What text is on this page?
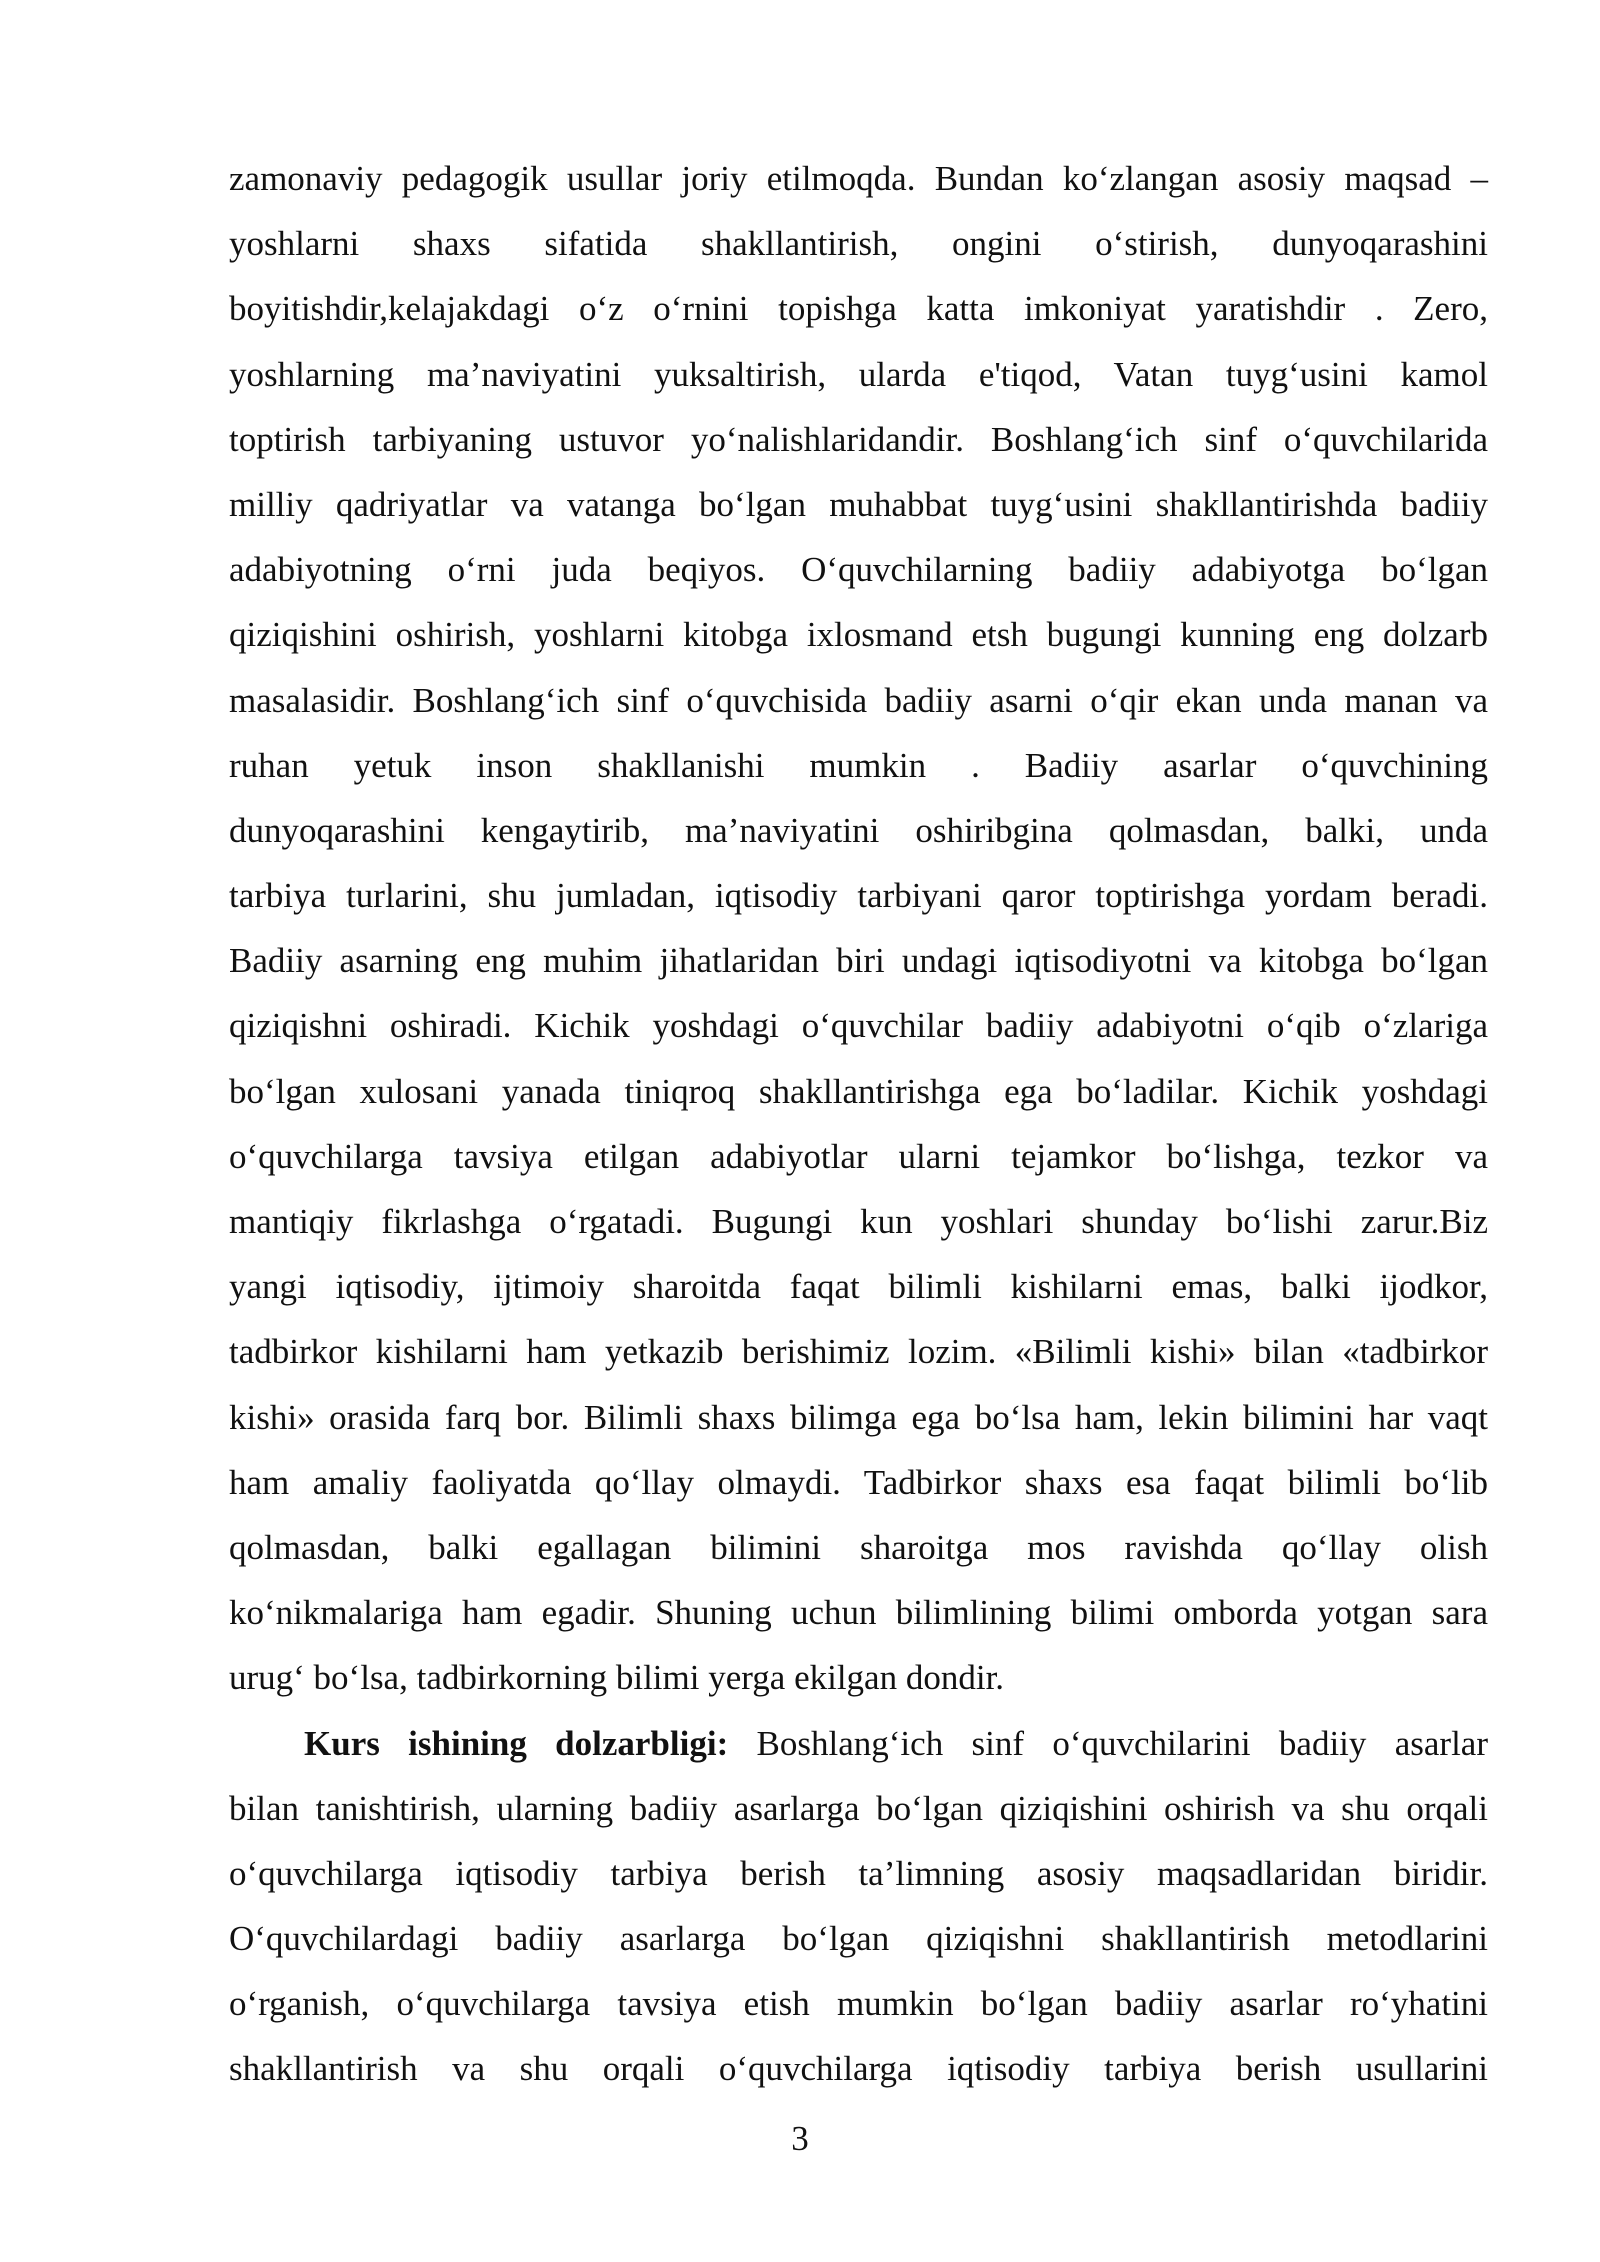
zamonaviy pedagogik usullar joriy etilmoqda. Bundan ko‘zlangan asosiy maqsad –
yoshlarni shaxs sifatida shakllantirish, ongini o‘stirish, dunyoqarashini
boyitishdir,kelajakdagi o‘z o‘rnini topishga katta imkoniyat yaratishdir . Zero,
yoshlarning ma’naviyatini yuksaltirish, ularda e'tiqod, Vatan tuyg‘usini kamol
toptirish tarbiyaning ustuvor yo‘nalishlaridandir. Boshlang‘ich sinf o‘quvchilarida
milliy qadriyatlar va vatanga bo‘lgan muhabbat tuyg‘usini shakllantirishda badiiy
adabiyotning o‘rni juda beqiyos. O‘quvchilarning badiiy adabiyotga bo‘lgan
qiziqishini oshirish, yoshlarni kitobga ixlosmand etsh bugungi kunning eng dolzarb
masalasidir. Boshlang‘ich sinf o‘quvchisida badiiy asarni o‘qir ekan unda manan va
ruhan yetuk inson shakllanishi mumkin . Badiiy asarlar o‘quvchining
dunyoqarashini kengaytirib, ma’naviyatini oshiribgina qolmasdan, balki, unda
tarbiya turlarini, shu jumladan, iqtisodiy tarbiyani qaror toptirishga yordam beradi.
Badiiy asarning eng muhim jihatlaridan biri undagi iqtisodiyotni va kitobga bo‘lgan
qiziqishni oshiradi. Kichik yoshdagi o‘quvchilar badiiy adabiyotni o‘qib o‘zlariga
bo‘lgan xulosani yanada tiniqroq shakllantirishga ega bo‘ladilar. Kichik yoshdagi
o‘quvchilarga tavsiya etilgan adabiyotlar ularni tejamkor bo‘lishga, tezkor va
mantiqiy fikrlashga o‘rgatadi. Bugungi kun yoshlari shunday bo‘lishi zarur.Biz
yangi iqtisodiy, ijtimoiy sharoitda faqat bilimli kishilarni emas, balki ijodkor,
tadbirkor kishilarni ham yetkazib berishimiz lozim. «Bilimli kishi» bilan «tadbirkor
kishi» orasida farq bor. Bilimli shaxs bilimga ega bo‘lsa ham, lekin bilimini har vaqt
ham amaliy faoliyatda qo‘llay olmaydi. Tadbirkor shaxs esa faqat bilimli bo‘lib
qolmasdan, balki egallagan bilimini sharoitga mos ravishda qo‘llay olish
ko‘nikmalariga ham egadir. Shuning uchun bilimlining bilimi omborda yotgan sara
urug‘ bo‘lsa, tadbirkorning bilimi yerga ekilgan dondir.
Kurs ishining dolzarbligi: Boshlang‘ich sinf o‘quvchilarini badiiy asarlar
bilan tanishtirish, ularning badiiy asarlarga bo‘lgan qiziqishini oshirish va shu orqali
o‘quvchilarga iqtisodiy tarbiya berish ta’limning asosiy maqsadlaridan biridir.
O‘quvchilardagi badiiy asarlarga bo‘lgan qiziqishni shakllantirish metodlarini
o‘rganish, o‘quvchilarga tavsiya etish mumkin bo‘lgan badiiy asarlar ro‘yhatini
shakllantirish va shu orqali o‘quvchilarga iqtisodiy tarbiya berish usullarini
3
